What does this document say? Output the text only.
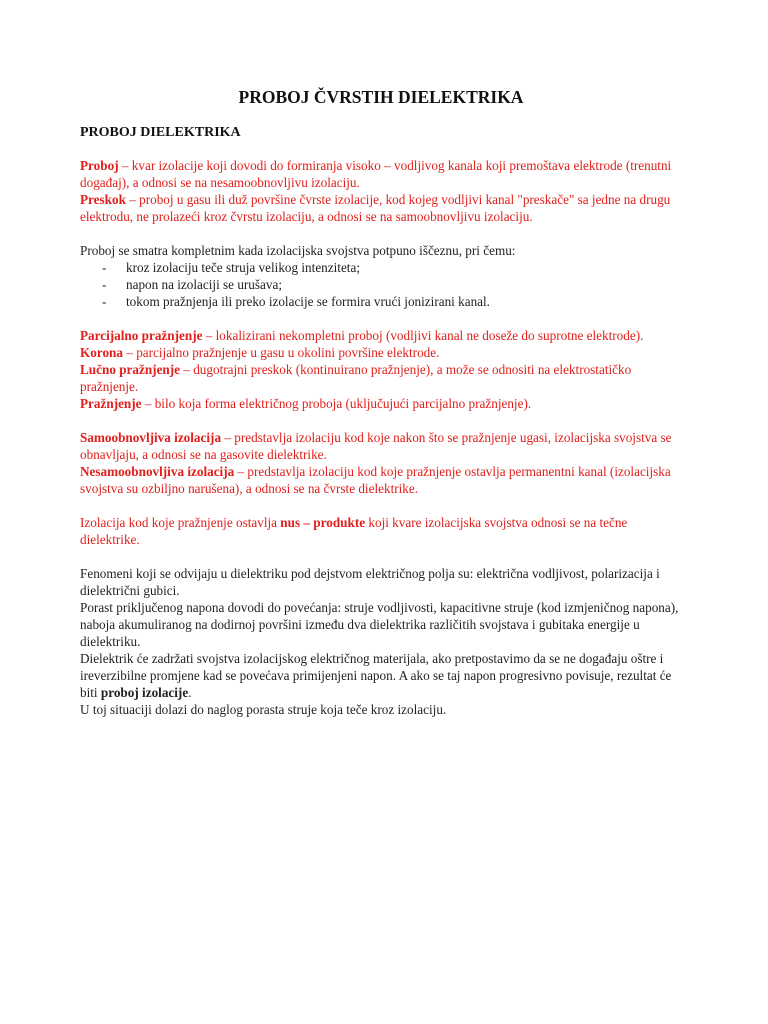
PROBOJ ČVRSTIH DIELEKTRIKA
PROBOJ DIELEKTRIKA

Proboj – kvar izolacije koji dovodi do formiranja visoko – vodljivog kanala koji premoštava elektrode (trenutni događaj), a odnosi se na nesamoobnovljivu izolaciju.

Preskok – proboj u gasu ili duž površine čvrste izolacije, kod kojeg vodljivi kanal "preskače" sa jedne na drugu elektrodu, ne prolazeći kroz čvrstu izolaciju, a odnosi se na samoobnovljivu izolaciju.

Proboj se smatra kompletnim kada izolacijska svojstva potpuno iščeznu, pri čemu:

- kroz izolaciju teče struja velikog intenziteta;
- napon na izolaciji se urušava;
- tokom pražnjenja ili preko izolacije se formira vrući jonizirani kanal.

Parcijalno pražnjenje – lokalizirani nekompletni proboj (vodljivi kanal ne doseže do suprotne elektrode).

Korona – parcijalno pražnjenje u gasu u okolini površine elektrode.

Lučno pražnjenje – dugotrajni preskok (kontinuirano pražnjenje), a može se odnositi na elektrostatičko pražnjenje.

Pražnjenje – bilo koja forma električnog proboja (uključujući parcijalno pražnjenje).

Samoobnovljiva izolacija – predstavlja izolaciju kod koje nakon što se pražnjenje ugasi, izolacijska svojstva se obnavljaju, a odnosi se na gasovite dielektrike.

Nesamoobnovljiva izolacija – predstavlja izolaciju kod koje pražnjenje ostavlja permanentni kanal (izolacijska svojstva su ozbiljno narušena), a odnosi se na čvrste dielektrike.

Izolacija kod koje pražnjenje ostavlja nus – produkte koji kvare izolacijska svojstva odnosi se na tečne dielektrike.

Fenomeni koji se odvijaju u dielektriku pod dejstvom električnog polja su: električna vodljivost, polarizacija i dielektrični gubici.

Porast priključenog napona dovodi do povećanja: struje vodljivosti, kapacitivne struje (kod izmjeničnog napona), naboja akumuliranog na dodirnoj površini između dva dielektrika različitih svojstava i gubitaka energije u dielektriku.

Dielektrik će zadržati svojstva izolacijskog električnog materijala, ako pretpostavimo da se ne događaju oštre i ireverzibilne promjene kad se povećava primijenjeni napon. A ako se taj napon progresivno povisuje, rezultat će biti proboj izolacije.

U toj situaciji dolazi do naglog porasta struje koja teče kroz izolaciju.
